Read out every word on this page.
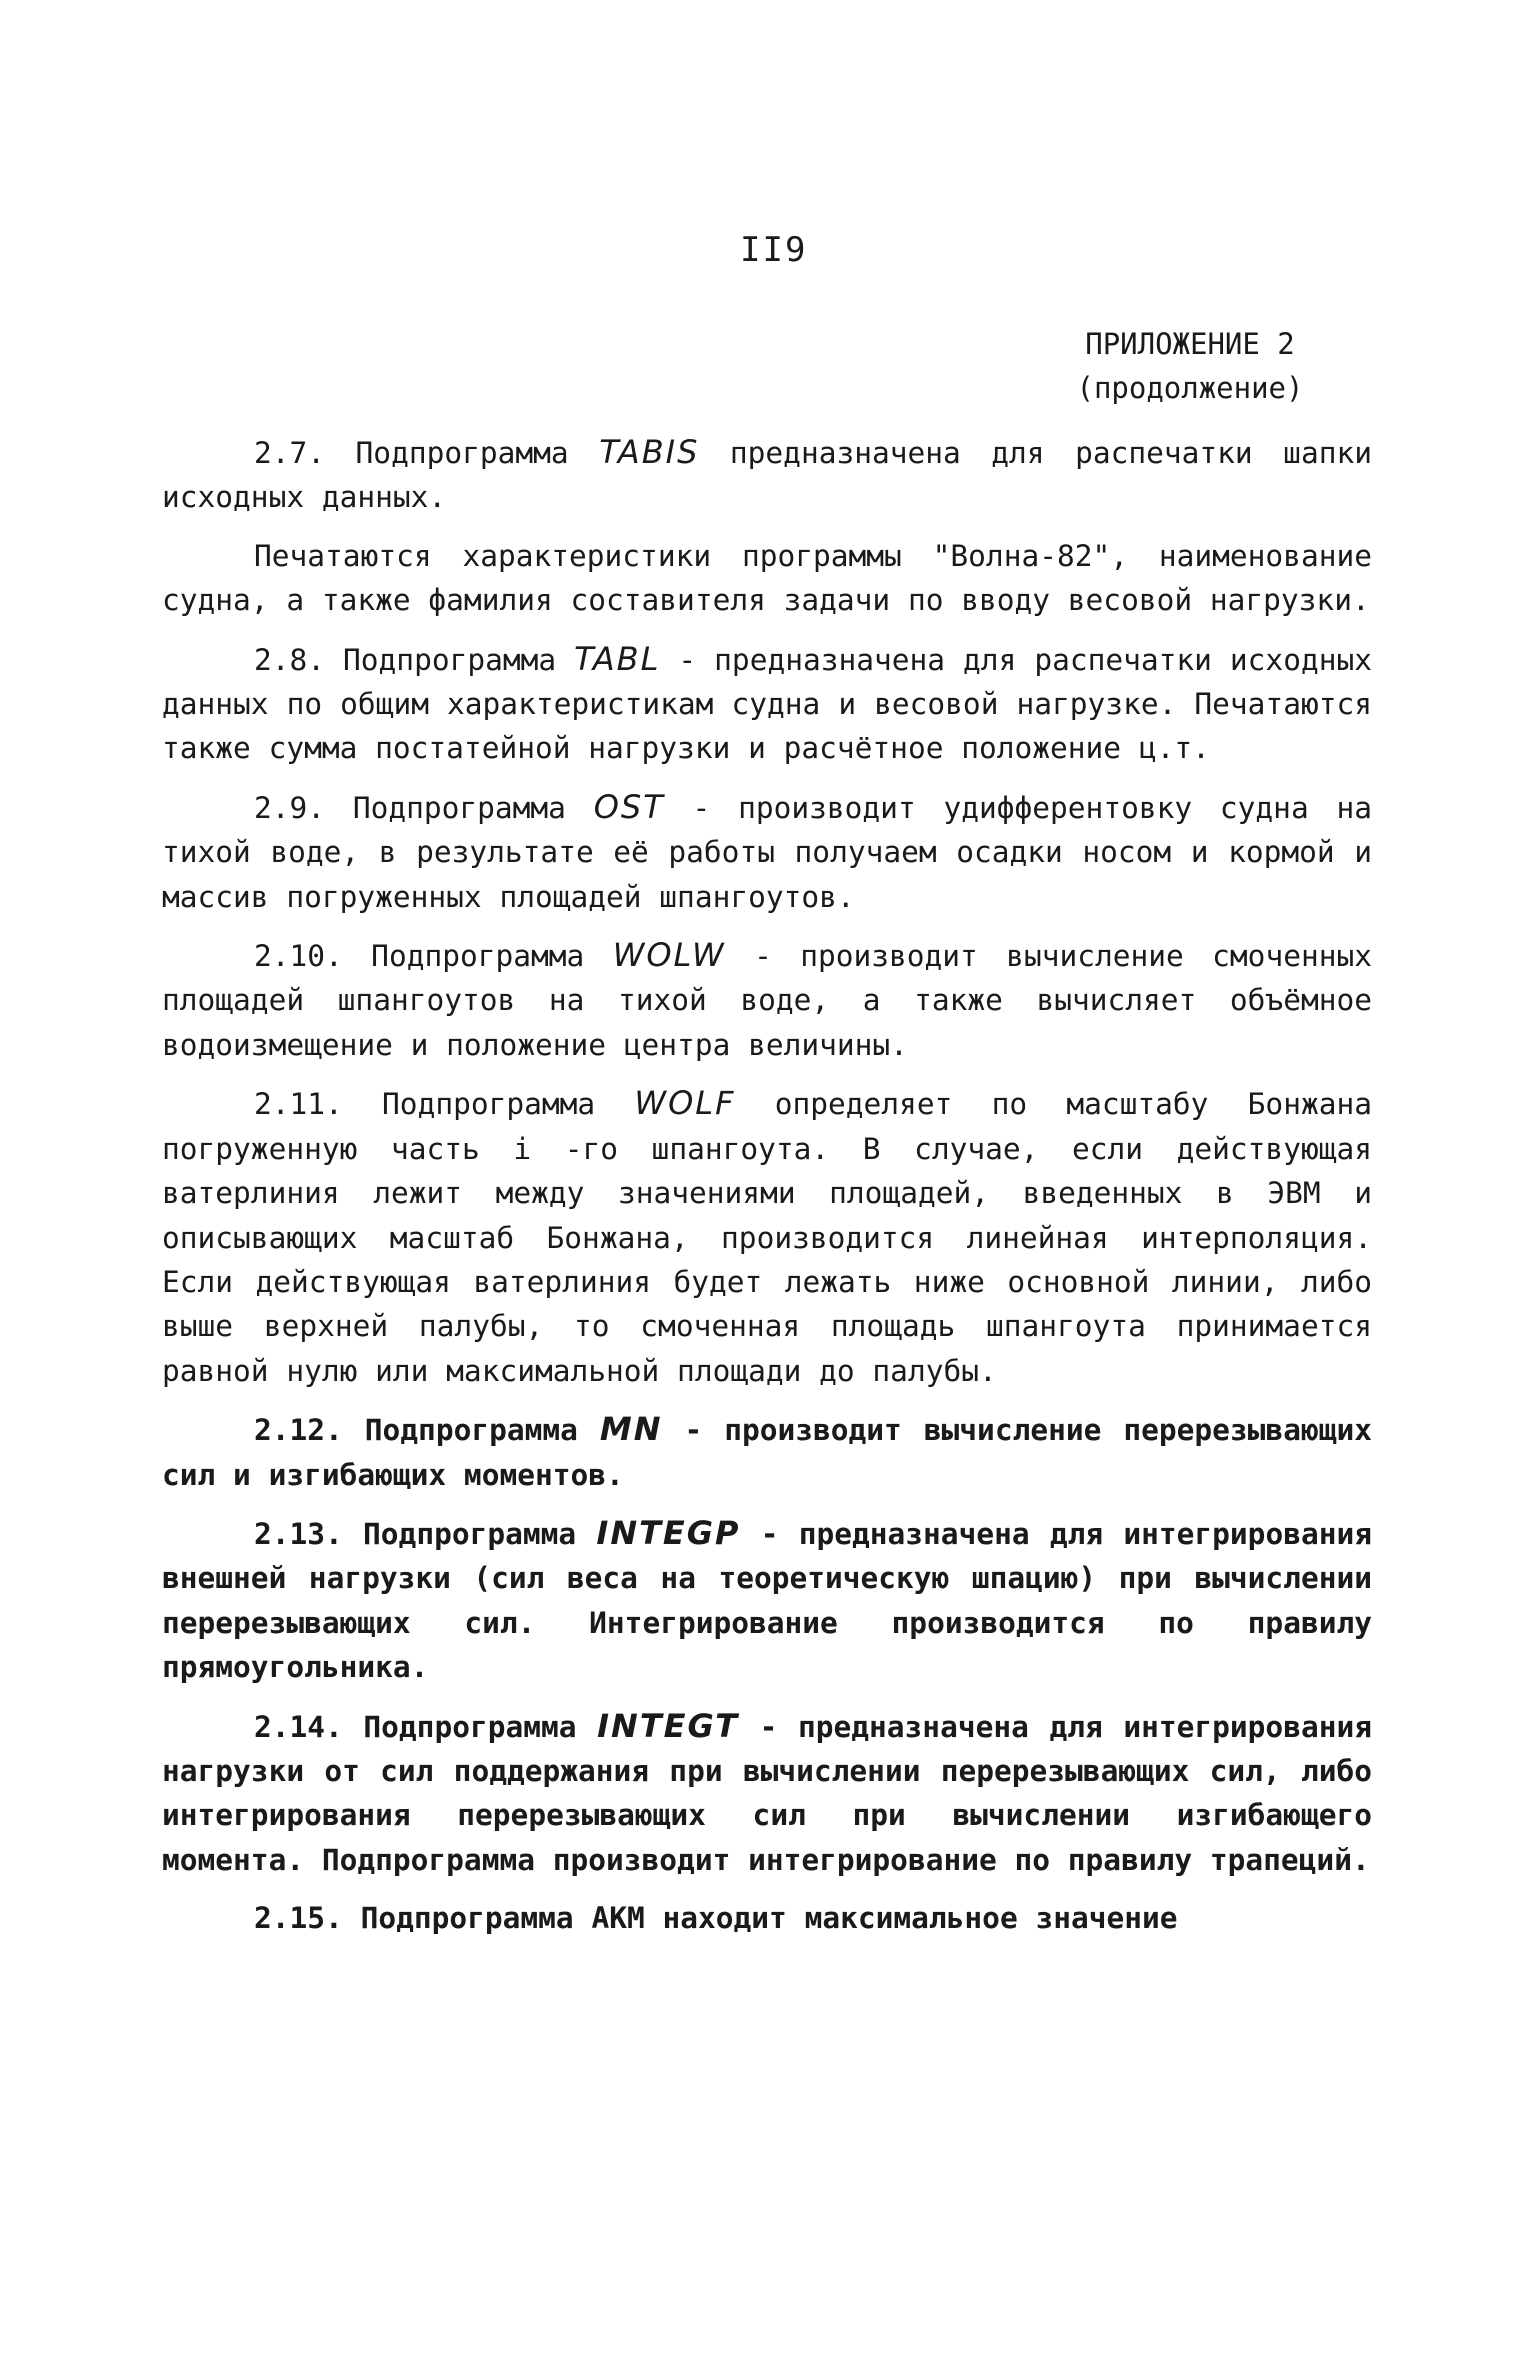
II9
ПРИЛОЖЕНИЕ 2
(продолжение)

2.7. Подпрограмма TABIS предназначена для распечатки шапки исходных данных.

Печатаются характеристики программы "Волна-82", наименование судна, а также фамилия составителя задачи по вводу весовой нагрузки.

2.8. Подпрограмма TABL - предназначена для распечатки исходных данных по общим характеристикам судна и весовой нагрузке. Печатаются также сумма постатейной нагрузки и расчётное положение ц.т.

2.9. Подпрограмма OST - производит удифферентовку судна на тихой воде, в результате её работы получаем осадки носом и кормой и массив погруженных площадей шпангоутов.

2.10. Подпрограмма WOLW - производит вычисление смоченных площадей шпангоутов на тихой воде, а также вычисляет объёмное водоизмещение и положение центра величины.

2.11. Подпрограмма WOLF определяет по масштабу Бонжана погруженную часть i -го шпангоута. В случае, если действующая ватерлиния лежит между значениями площадей, введенных в ЭВМ и описывающих масштаб Бонжана, производится линейная интерполяция. Если действующая ватерлиния будет лежать ниже основной линии, либо выше верхней палубы, то смоченная площадь шпангоута принимается равной нулю или максимальной площади до палубы.

2.12. Подпрограмма MN - производит вычисление перерезывающих сил и изгибающих моментов.

2.13. Подпрограмма INTEGP - предназначена для интегрирования внешней нагрузки (сил веса на теоретическую шпацию) при вычислении перерезывающих сил. Интегрирование производится по правилу прямоугольника.

2.14. Подпрограмма INTEGT - предназначена для интегрирования нагрузки от сил поддержания при вычислении перерезывающих сил, либо интегрирования перерезывающих сил при вычислении изгибающего момента. Подпрограмма производит интегрирование по правилу трапеций.

2.15. Подпрограмма АКМ находит максимальное значение
